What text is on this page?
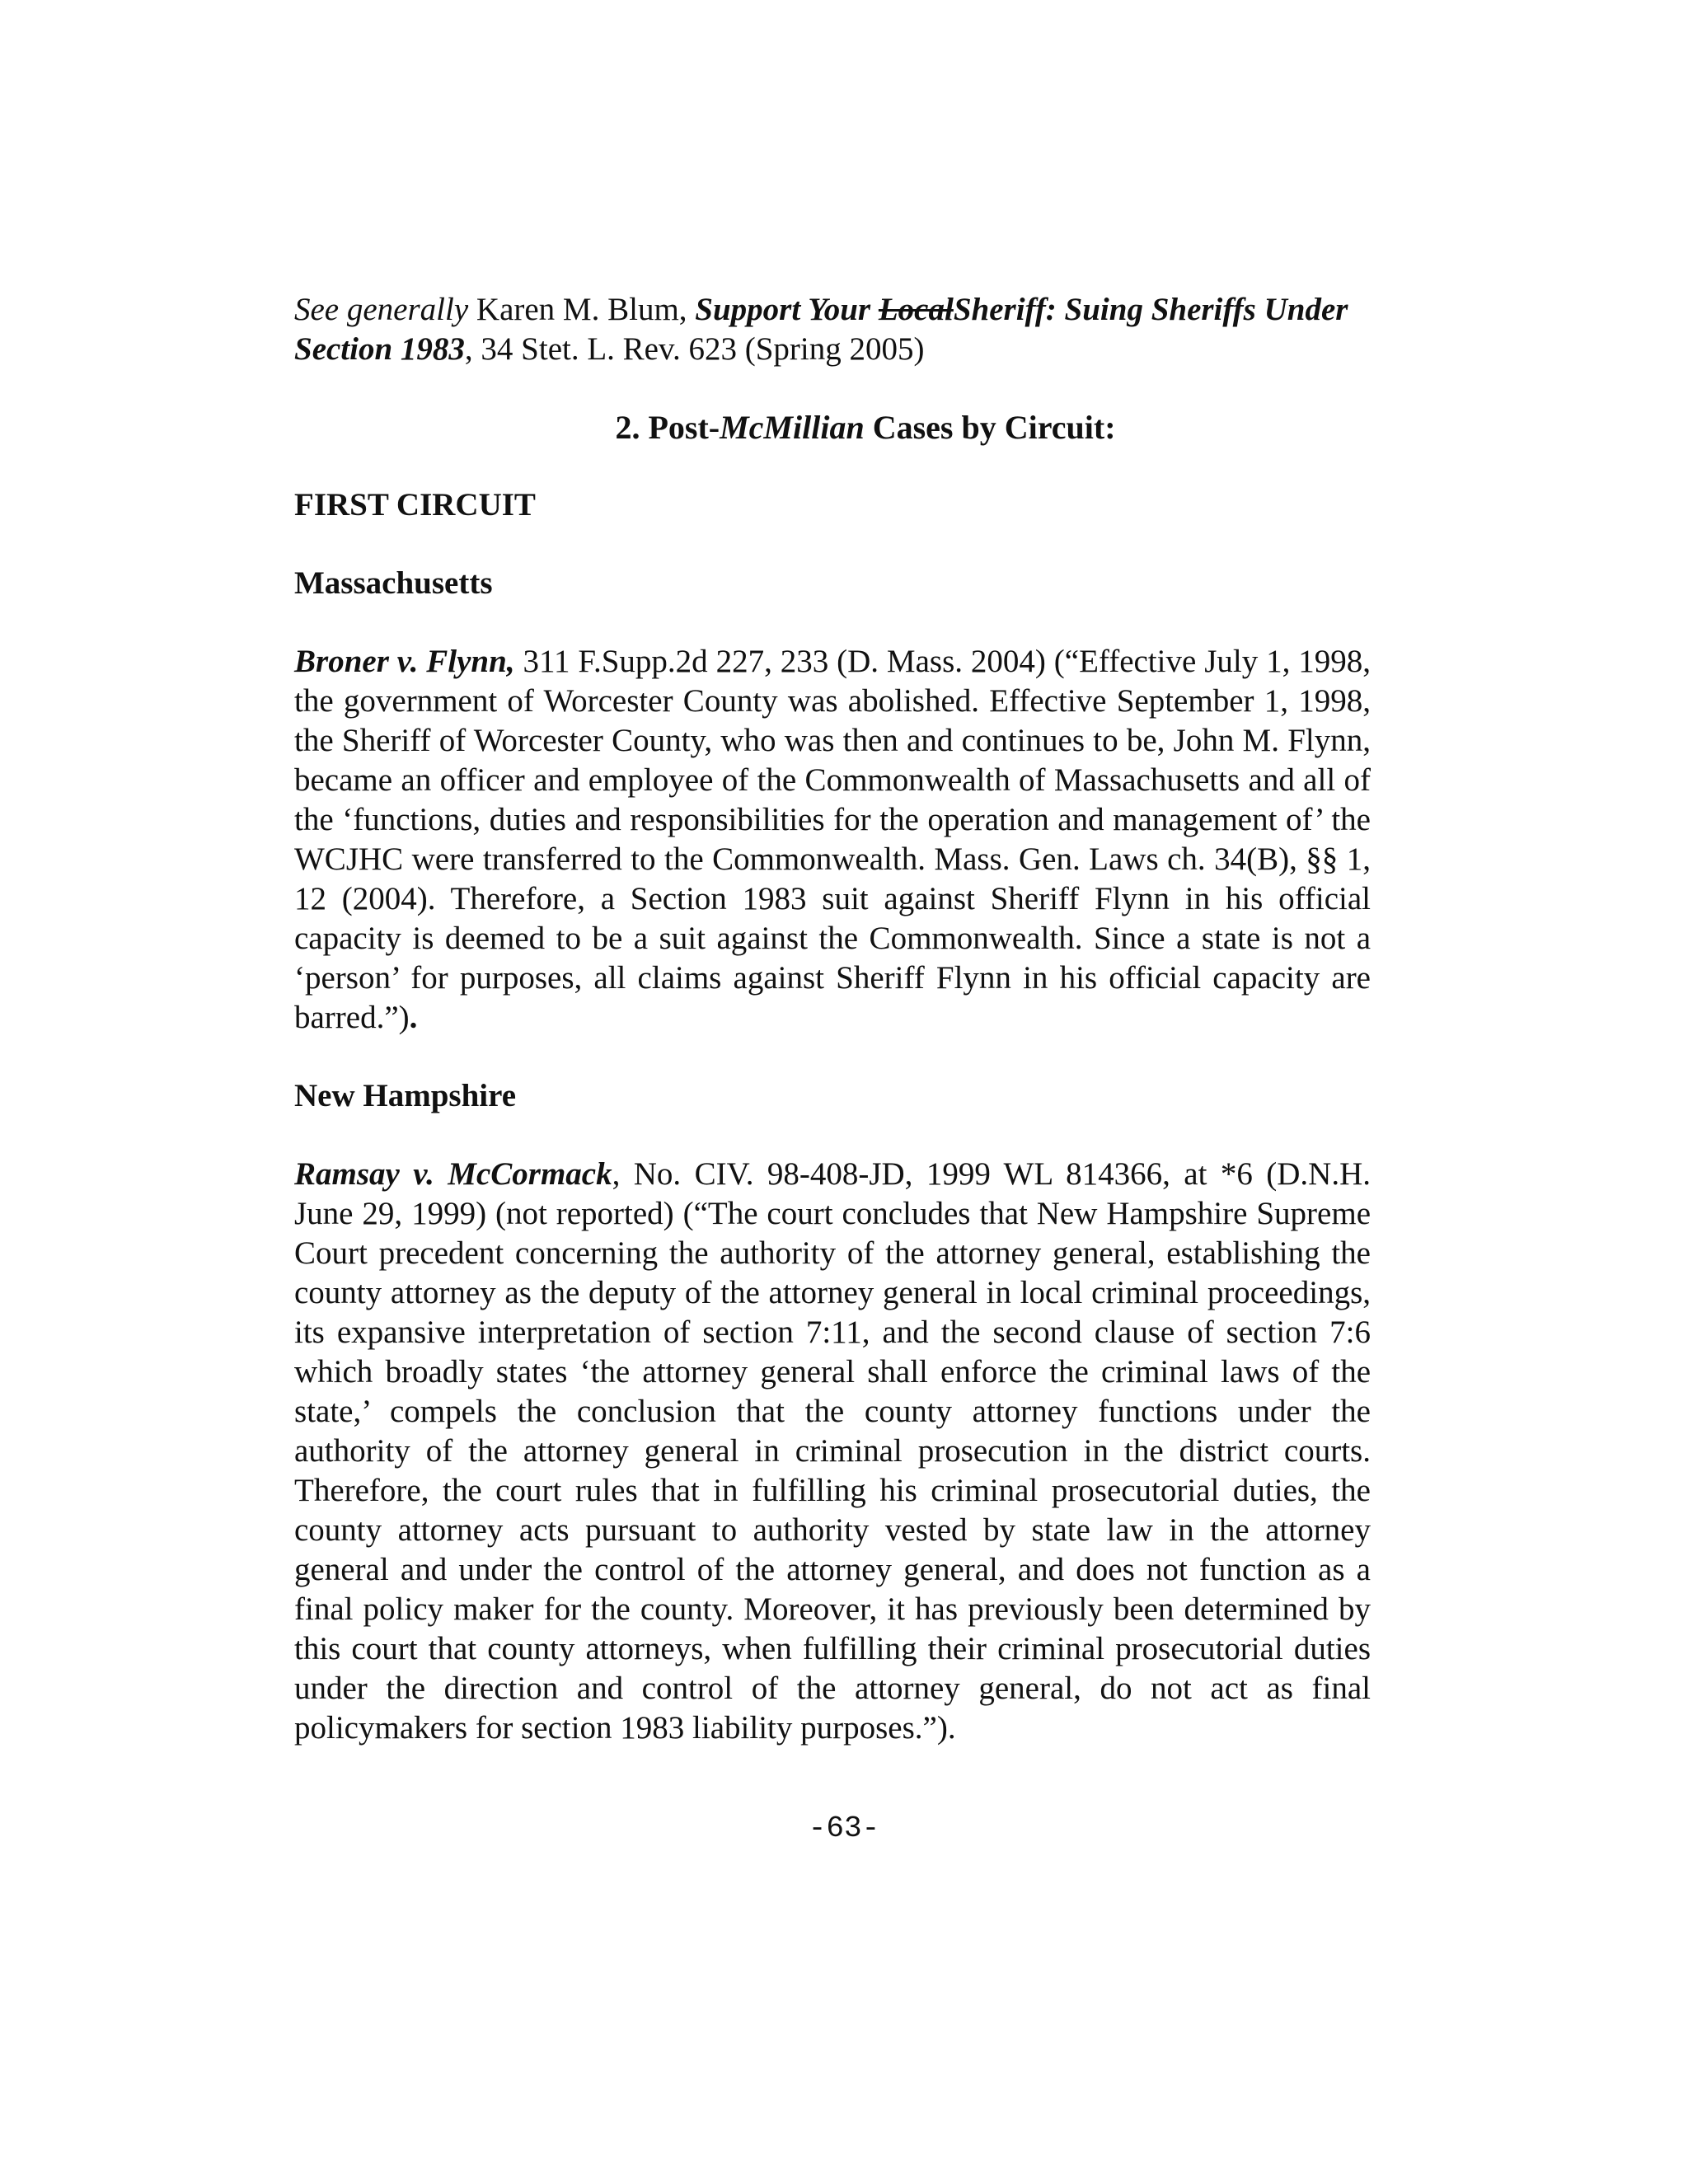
See generally Karen M. Blum, Support Your LocalSheriff: Suing Sheriffs Under Section 1983, 34 Stet. L. Rev. 623 (Spring 2005)

2. Post-McMillian Cases by Circuit:

FIRST CIRCUIT

Massachusetts

Broner v. Flynn, 311 F.Supp.2d 227, 233 (D. Mass. 2004) (“Effective July 1, 1998, the government of Worcester County was abolished. Effective September 1, 1998, the Sheriff of Worcester County, who was then and continues to be, John M. Flynn, became an officer and employee of the Commonwealth of Massachusetts and all of the ‘functions, duties and responsibilities for the operation and management of’ the WCJHC were transferred to the Commonwealth. Mass. Gen. Laws ch. 34(B), §§ 1, 12 (2004). Therefore, a Section 1983 suit against Sheriff Flynn in his official capacity is deemed to be a suit against the Commonwealth. Since a state is not a ‘person’ for purposes, all claims against Sheriff Flynn in his official capacity are barred.”).

New Hampshire

Ramsay v. McCormack, No. CIV. 98-408-JD, 1999 WL 814366, at *6 (D.N.H. June 29, 1999) (not reported) (“The court concludes that New Hampshire Supreme Court precedent concerning the authority of the attorney general, establishing the county attorney as the deputy of the attorney general in local criminal proceedings, its expansive interpretation of section 7:11, and the second clause of section 7:6 which broadly states ‘the attorney general shall enforce the criminal laws of the state,’ compels the conclusion that the county attorney functions under the authority of the attorney general in criminal prosecution in the district courts. Therefore, the court rules that in fulfilling his criminal prosecutorial duties, the county attorney acts pursuant to authority vested by state law in the attorney general and under the control of the attorney general, and does not function as a final policy maker for the county. Moreover, it has previously been determined by this court that county attorneys, when fulfilling their criminal prosecutorial duties under the direction and control of the attorney general, do not act as final policymakers for section 1983 liability purposes.”).

-63-
